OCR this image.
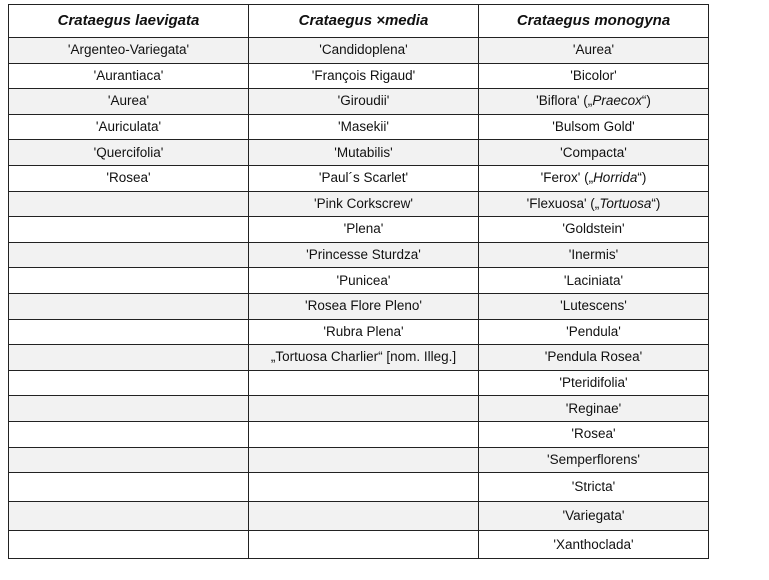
Crataegus laevigata	Crataegus ×media	Crataegus monogyna
'Argenteo-Variegata'	'Candidoplena'	'Aurea'
'Aurantiaca'	'François Rigaud'	'Bicolor'
'Aurea'	'Giroudii'	'Biflora' („Praecox“)
'Auriculata'	'Masekii'	'Bulsom Gold'
'Quercifolia'	'Mutabilis'	'Compacta'
'Rosea'	'Paul´s Scarlet'	'Ferox' („Horrida“)
	'Pink Corkscrew'	'Flexuosa' („Tortuosa“)
	'Plena'	'Goldstein'
	'Princesse Sturdza'	'Inermis'
	'Punicea'	'Laciniata'
	'Rosea Flore Pleno'	'Lutescens'
	'Rubra Plena'	'Pendula'
	„Tortuosa Charlier“ [nom. Illeg.]	'Pendula Rosea'
		'Pteridifolia'
		'Reginae'
		'Rosea'
		'Semperflorens'
		'Stricta'
		'Variegata'
		'Xanthoclada'
